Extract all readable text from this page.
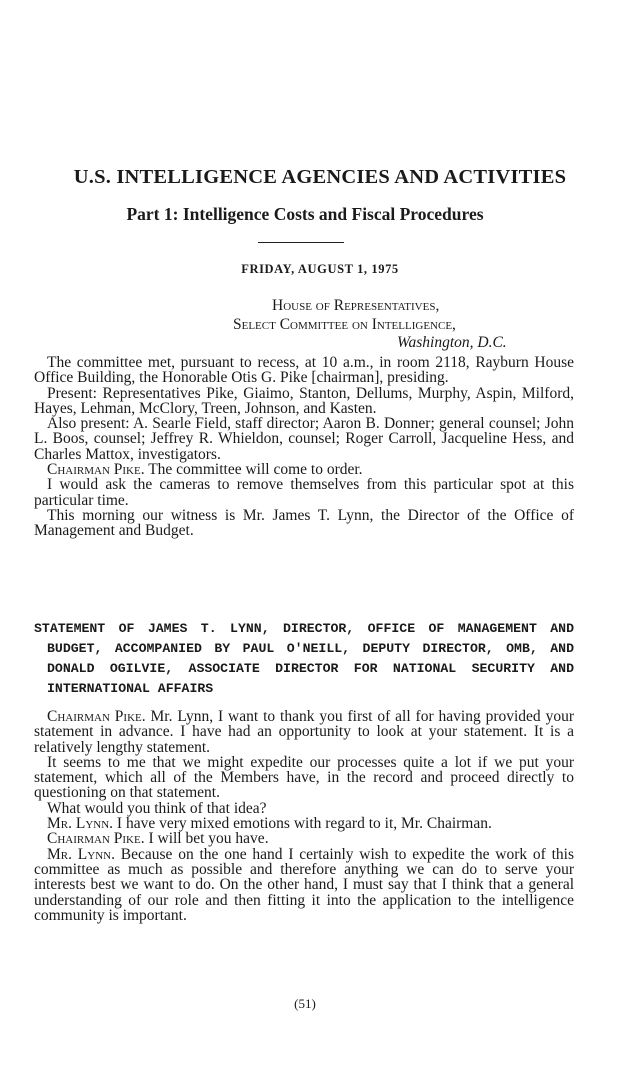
U.S. INTELLIGENCE AGENCIES AND ACTIVITIES
Part 1: Intelligence Costs and Fiscal Procedures
FRIDAY, AUGUST 1, 1975
House of Representatives,
Select Committee on Intelligence,
Washington, D.C.

The committee met, pursuant to recess, at 10 a.m., in room 2118, Rayburn House Office Building, the Honorable Otis G. Pike [chairman], presiding.

Present: Representatives Pike, Giaimo, Stanton, Dellums, Murphy, Aspin, Milford, Hayes, Lehman, McClory, Treen, Johnson, and Kasten.

Also present: A. Searle Field, staff director; Aaron B. Donner; general counsel; John L. Boos, counsel; Jeffrey R. Whieldon, counsel; Roger Carroll, Jacqueline Hess, and Charles Mattox, investigators.

Chairman Pike. The committee will come to order.

I would ask the cameras to remove themselves from this particular spot at this particular time.

This morning our witness is Mr. James T. Lynn, the Director of the Office of Management and Budget.

STATEMENT OF JAMES T. LYNN, DIRECTOR, OFFICE OF MANAGEMENT AND BUDGET, ACCOMPANIED BY PAUL O'NEILL, DEPUTY DIRECTOR, OMB, AND DONALD OGILVIE, ASSOCIATE DIRECTOR FOR NATIONAL SECURITY AND INTERNATIONAL AFFAIRS

Chairman Pike. Mr. Lynn, I want to thank you first of all for having provided your statement in advance. I have had an opportunity to look at your statement. It is a relatively lengthy statement.

It seems to me that we might expedite our processes quite a lot if we put your statement, which all of the Members have, in the record and proceed directly to questioning on that statement.

What would you think of that idea?

Mr. Lynn. I have very mixed emotions with regard to it, Mr. Chairman.

Chairman Pike. I will bet you have.

Mr. Lynn. Because on the one hand I certainly wish to expedite the work of this committee as much as possible and therefore anything we can do to serve your interests best we want to do. On the other hand, I must say that I think that a general understanding of our role and then fitting it into the application to the intelligence community is important.

(51)
